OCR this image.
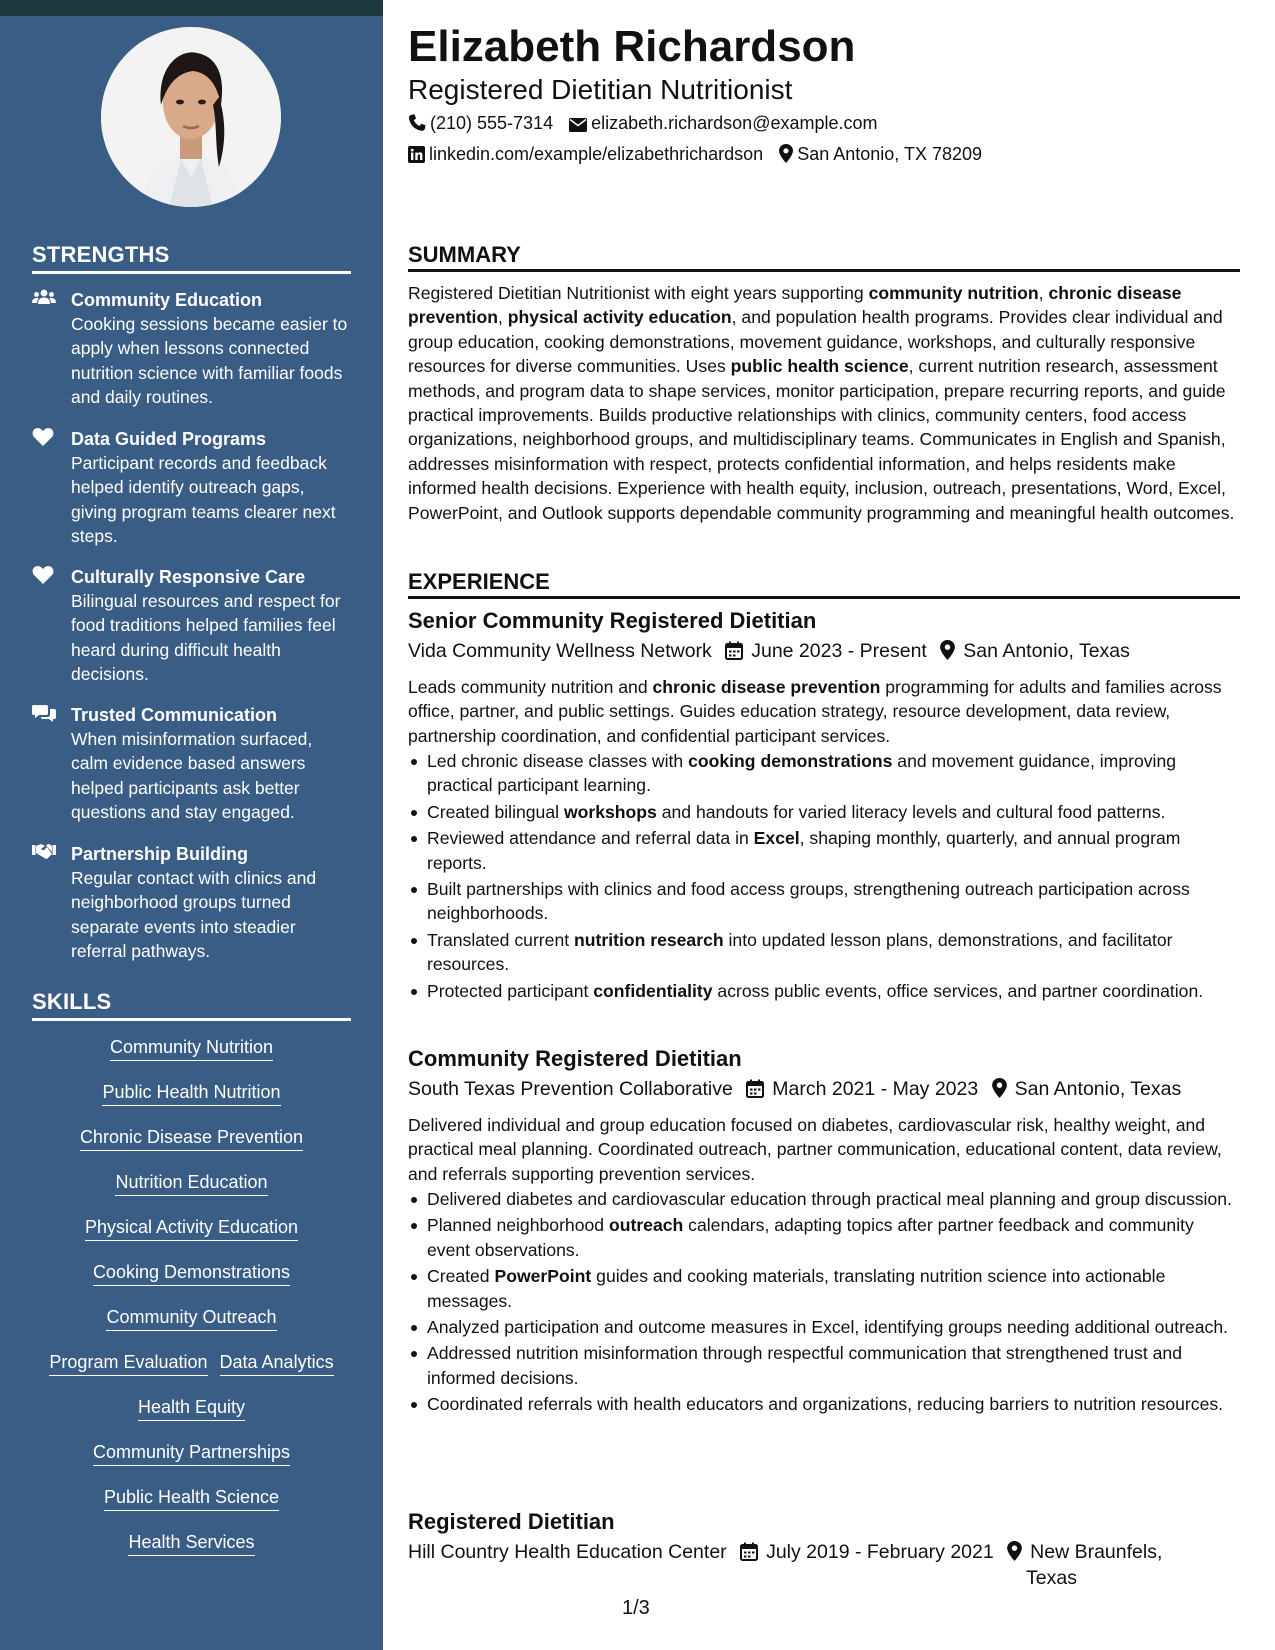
STRENGTHS
Community Education
Cooking sessions became easier to apply when lessons connected nutrition science with familiar foods and daily routines.
Data Guided Programs
Participant records and feedback helped identify outreach gaps, giving program teams clearer next steps.
Culturally Responsive Care
Bilingual resources and respect for food traditions helped families feel heard during difficult health decisions.
Trusted Communication
When misinformation surfaced, calm evidence based answers helped participants ask better questions and stay engaged.
Partnership Building
Regular contact with clinics and neighborhood groups turned separate events into steadier referral pathways.
SKILLS
Community Nutrition
Public Health Nutrition
Chronic Disease Prevention
Nutrition Education
Physical Activity Education
Cooking Demonstrations
Community Outreach
Program Evaluation Data Analytics
Health Equity
Community Partnerships
Public Health Science
Health Services
Elizabeth Richardson
Registered Dietitian Nutritionist
(210) 555-7314 elizabeth.richardson@example.com
linkedin.com/example/elizabethrichardson San Antonio, TX 78209
SUMMARY

Registered Dietitian Nutritionist with eight years supporting community nutrition, chronic disease prevention, physical activity education, and population health programs. Provides clear individual and group education, cooking demonstrations, movement guidance, workshops, and culturally responsive resources for diverse communities. Uses public health science, current nutrition research, assessment methods, and program data to shape services, monitor participation, prepare recurring reports, and guide practical improvements. Builds productive relationships with clinics, community centers, food access organizations, neighborhood groups, and multidisciplinary teams. Communicates in English and Spanish, addresses misinformation with respect, protects confidential information, and helps residents make informed health decisions. Experience with health equity, inclusion, outreach, presentations, Word, Excel, PowerPoint, and Outlook supports dependable community programming and meaningful health outcomes.

EXPERIENCE
Senior Community Registered Dietitian
Vida Community Wellness Network June 2023 - Present San Antonio, Texas

Leads community nutrition and chronic disease prevention programming for adults and families across office, partner, and public settings. Guides education strategy, resource development, data review, partnership coordination, and confidential participant services.

Led chronic disease classes with cooking demonstrations and movement guidance, improving practical participant learning.
Created bilingual workshops and handouts for varied literacy levels and cultural food patterns.
Reviewed attendance and referral data in Excel, shaping monthly, quarterly, and annual program reports.
Built partnerships with clinics and food access groups, strengthening outreach participation across neighborhoods.
Translated current nutrition research into updated lesson plans, demonstrations, and facilitator resources.
Protected participant confidentiality across public events, office services, and partner coordination.
Community Registered Dietitian
South Texas Prevention Collaborative March 2021 - May 2023 San Antonio, Texas

Delivered individual and group education focused on diabetes, cardiovascular risk, healthy weight, and practical meal planning. Coordinated outreach, partner communication, educational content, data review, and referrals supporting prevention services.

Delivered diabetes and cardiovascular education through practical meal planning and group discussion.
Planned neighborhood outreach calendars, adapting topics after partner feedback and community event observations.
Created PowerPoint guides and cooking materials, translating nutrition science into actionable messages.
Analyzed participation and outcome measures in Excel, identifying groups needing additional outreach.
Addressed nutrition misinformation through respectful communication that strengthened trust and informed decisions.
Coordinated referrals with health educators and organizations, reducing barriers to nutrition resources.
Registered Dietitian
Hill Country Health Education Center July 2019 - February 2021 New Braunfels,
Texas
1/3
